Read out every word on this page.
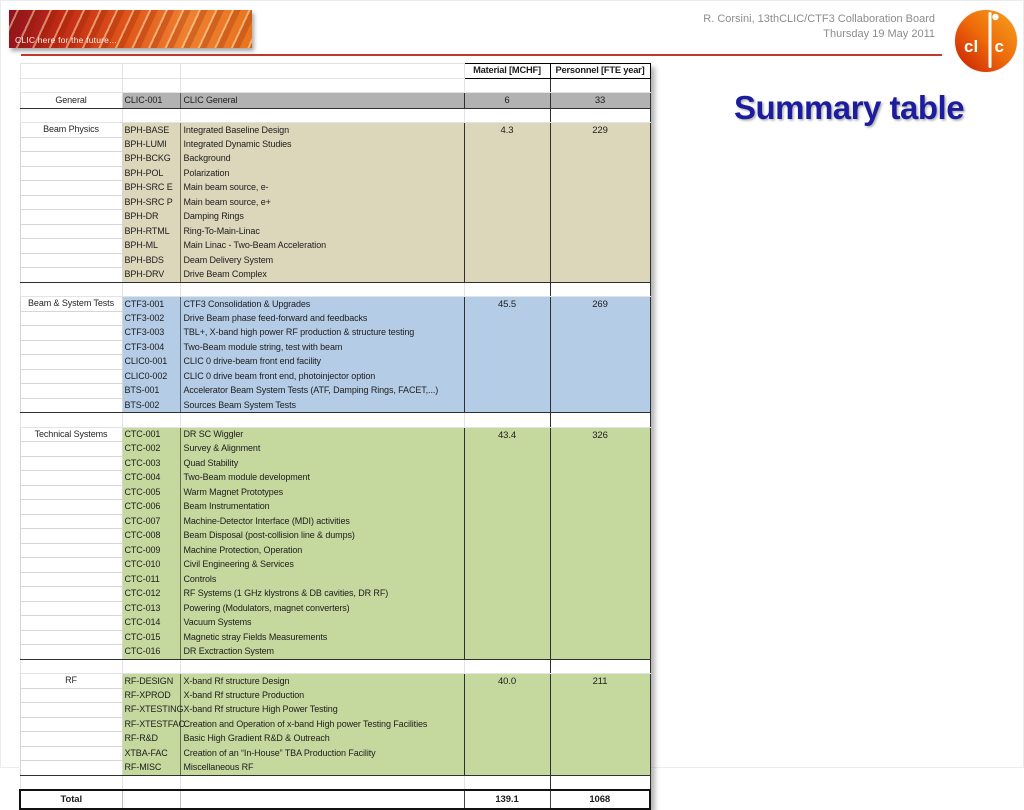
CLIC here for the future...
R. Corsini, 13thCLIC/CTF3 Collaboration Board
Thursday 19 May 2011
cl c
Summary table
			Material [MCHF]	Personnel [FTE year]

General	CLIC-001	CLIC General	6	33

Beam Physics	BPH-BASE	Integrated Baseline Design	4.3	229
	BPH-LUMI	Integrated Dynamic Studies		
	BPH-BCKG	Background		
	BPH-POL	Polarization		
	BPH-SRC E	Main beam source, e-		
	BPH-SRC P	Main beam source, e+		
	BPH-DR	Damping Rings		
	BPH-RTML	Ring-To-Main-Linac		
	BPH-ML	Main Linac - Two-Beam Acceleration		
	BPH-BDS	Deam Delivery System		
	BPH-DRV	Drive Beam Complex		

Beam & System Tests	CTF3-001	CTF3 Consolidation & Upgrades	45.5	269
	CTF3-002	Drive Beam phase feed-forward and feedbacks		
	CTF3-003	TBL+, X-band high power RF production & structure testing		
	CTF3-004	Two-Beam module string, test with beam		
	CLIC0-001	CLIC 0 drive-beam front end facility		
	CLIC0-002	CLIC 0 drive beam front end, photoinjector option		
	BTS-001	Accelerator Beam System Tests (ATF, Damping Rings, FACET,...)		
	BTS-002	Sources Beam System Tests		

Technical Systems	CTC-001	DR SC Wiggler	43.4	326
	CTC-002	Survey & Alignment		
	CTC-003	Quad Stability		
	CTC-004	Two-Beam module development		
	CTC-005	Warm Magnet Prototypes		
	CTC-006	Beam Instrumentation		
	CTC-007	Machine-Detector Interface (MDI) activities		
	CTC-008	Beam Disposal (post-collision line & dumps)		
	CTC-009	Machine Protection, Operation		
	CTC-010	Civil Engineering & Services		
	CTC-011	Controls		
	CTC-012	RF Systems (1 GHz klystrons & DB cavities, DR RF)		
	CTC-013	Powering (Modulators, magnet converters)		
	CTC-014	Vacuum Systems		
	CTC-015	Magnetic stray Fields Measurements		
	CTC-016	DR Exctraction System		

RF	RF-DESIGN	X-band Rf structure Design	40.0	211
	RF-XPROD	X-band Rf structure Production		
	RF-XTESTING	X-band Rf structure High Power Testing		
	RF-XTESTFAC	Creation and Operation of x-band High power Testing Facilities		
	RF-R&D	Basic High Gradient R&D & Outreach		
	XTBA-FAC	Creation of an “In-House” TBA Production Facility		
	RF-MISC	Miscellaneous RF		

Total			139.1	1068
